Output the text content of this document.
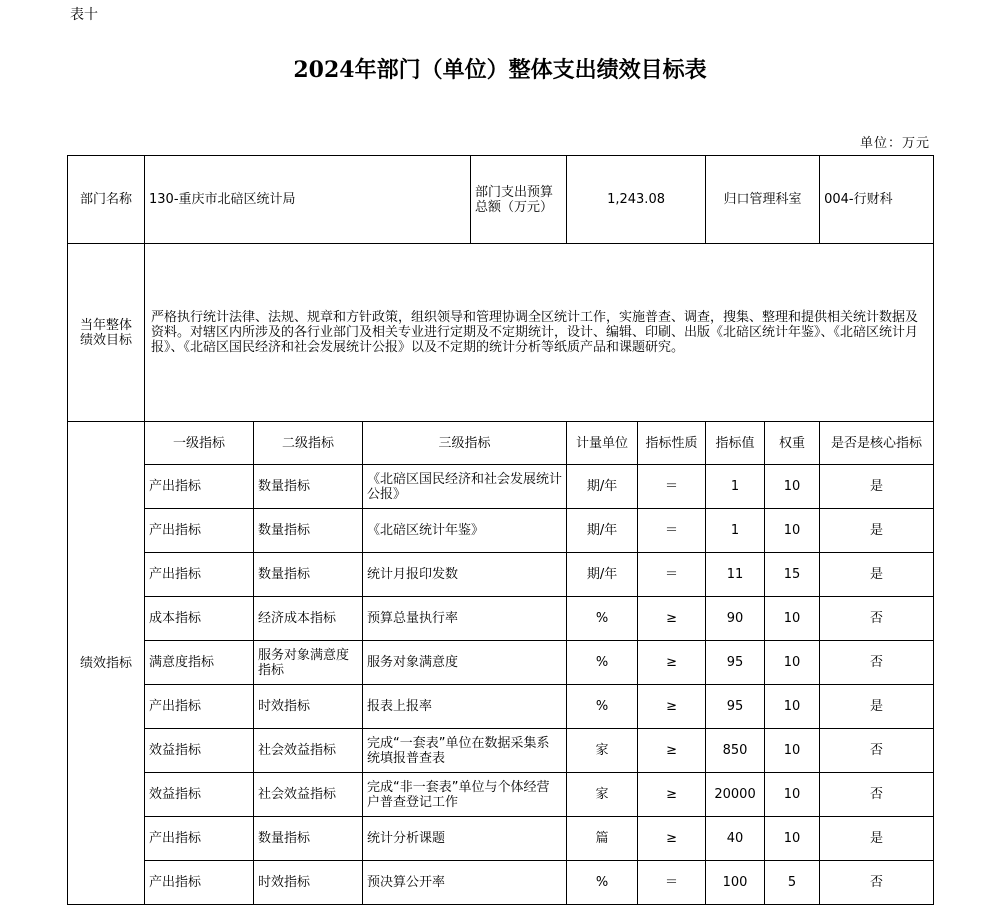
表十
2024年部门（单位）整体支出绩效目标表
单位：万元
部门名称	130-重庆市北碚区统计局			部门支出预算总额（万元）	1,243.08		归口管理科室		004-行财科
当年整体绩效目标	严格执行统计法律、法规、规章和方针政策，组织领导和管理协调全区统计工作，实施普查、调查，搜集、整理和提供相关统计数据及资料。对辖区内所涉及的各行业部门及相关专业进行定期及不定期统计，设计、编辑、印刷、出版《北碚区统计年鉴》、《北碚区统计月报》、《北碚区国民经济和社会发展统计公报》以及不定期的统计分析等纸质产品和课题研究。								
绩效指标	一级指标	二级指标	三级指标		计量单位	指标性质	指标值	权重	是否是核心指标
	产出指标	数量指标	《北碚区国民经济和社会发展统计公报》		期/年	＝	1	10	是
	产出指标	数量指标	《北碚区统计年鉴》		期/年	＝	1	10	是
	产出指标	数量指标	统计月报印发数		期/年	＝	11	15	是
	成本指标	经济成本指标	预算总量执行率		%	≥	90	10	否
	满意度指标	服务对象满意度指标	服务对象满意度		%	≥	95	10	否
	产出指标	时效指标	报表上报率		%	≥	95	10	是
	效益指标	社会效益指标	完成“一套表”单位在数据采集系统填报普查表		家	≥	850	10	否
	效益指标	社会效益指标	完成“非一套表”单位与个体经营户普查登记工作		家	≥	20000	10	否
	产出指标	数量指标	统计分析课题		篇	≥	40	10	是
	产出指标	时效指标	预决算公开率		%	＝	100	5	否
